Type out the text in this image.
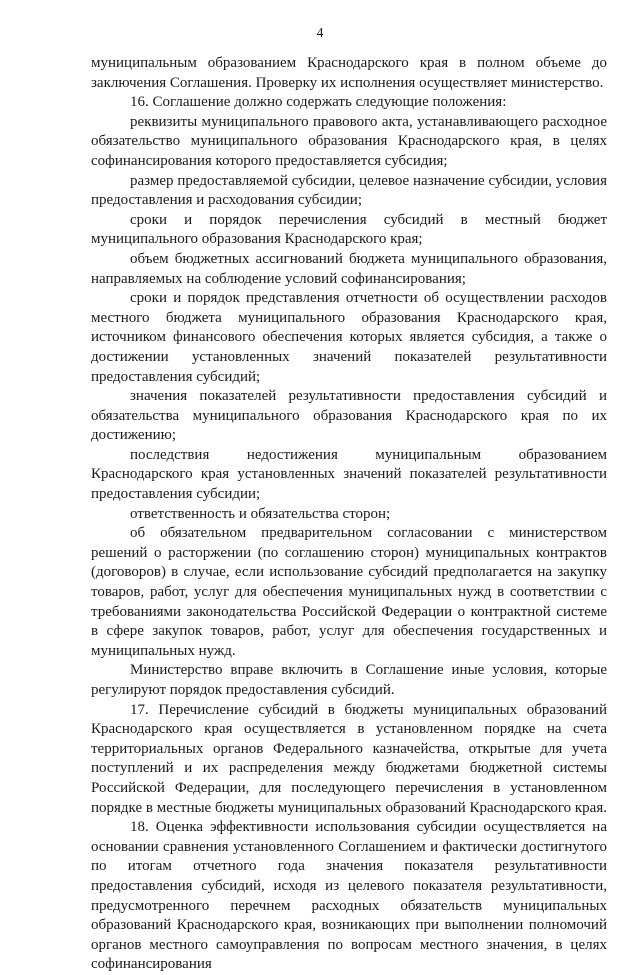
4

муниципальным образованием Краснодарского края в полном объеме до заключения Соглашения. Проверку их исполнения осуществляет министерство.

16. Соглашение должно содержать следующие положения:

реквизиты муниципального правового акта, устанавливающего расходное обязательство муниципального образования Краснодарского края, в целях софинансирования которого предоставляется субсидия;

размер предоставляемой субсидии, целевое назначение субсидии, условия предоставления и расходования субсидии;

сроки и порядок перечисления субсидий в местный бюджет муниципального образования Краснодарского края;

объем бюджетных ассигнований бюджета муниципального образования, направляемых на соблюдение условий софинансирования;

сроки и порядок представления отчетности об осуществлении расходов местного бюджета муниципального образования Краснодарского края, источником финансового обеспечения которых является субсидия, а также о достижении установленных значений показателей результативности предоставления субсидий;

значения показателей результативности предоставления субсидий и обязательства муниципального образования Краснодарского края по их достижению;

последствия недостижения муниципальным образованием Краснодарского края установленных значений показателей результативности предоставления субсидии;

ответственность и обязательства сторон;

об обязательном предварительном согласовании с министерством решений о расторжении (по соглашению сторон) муниципальных контрактов (договоров) в случае, если использование субсидий предполагается на закупку товаров, работ, услуг для обеспечения муниципальных нужд в соответствии с требованиями законодательства Российской Федерации о контрактной системе в сфере закупок товаров, работ, услуг для обеспечения государственных и муниципальных нужд.

Министерство вправе включить в Соглашение иные условия, которые регулируют порядок предоставления субсидий.

17. Перечисление субсидий в бюджеты муниципальных образований Краснодарского края осуществляется в установленном порядке на счета территориальных органов Федерального казначейства, открытые для учета поступлений и их распределения между бюджетами бюджетной системы Российской Федерации, для последующего перечисления в установленном порядке в местные бюджеты муниципальных образований Краснодарского края.

18. Оценка эффективности использования субсидии осуществляется на основании сравнения установленного Соглашением и фактически достигнутого по итогам отчетного года значения показателя результативности предоставления субсидий, исходя из целевого показателя результативности, предусмотренного перечнем расходных обязательств муниципальных образований Краснодарского края, возникающих при выполнении полномочий органов местного самоуправления по вопросам местного значения, в целях софинансирования
